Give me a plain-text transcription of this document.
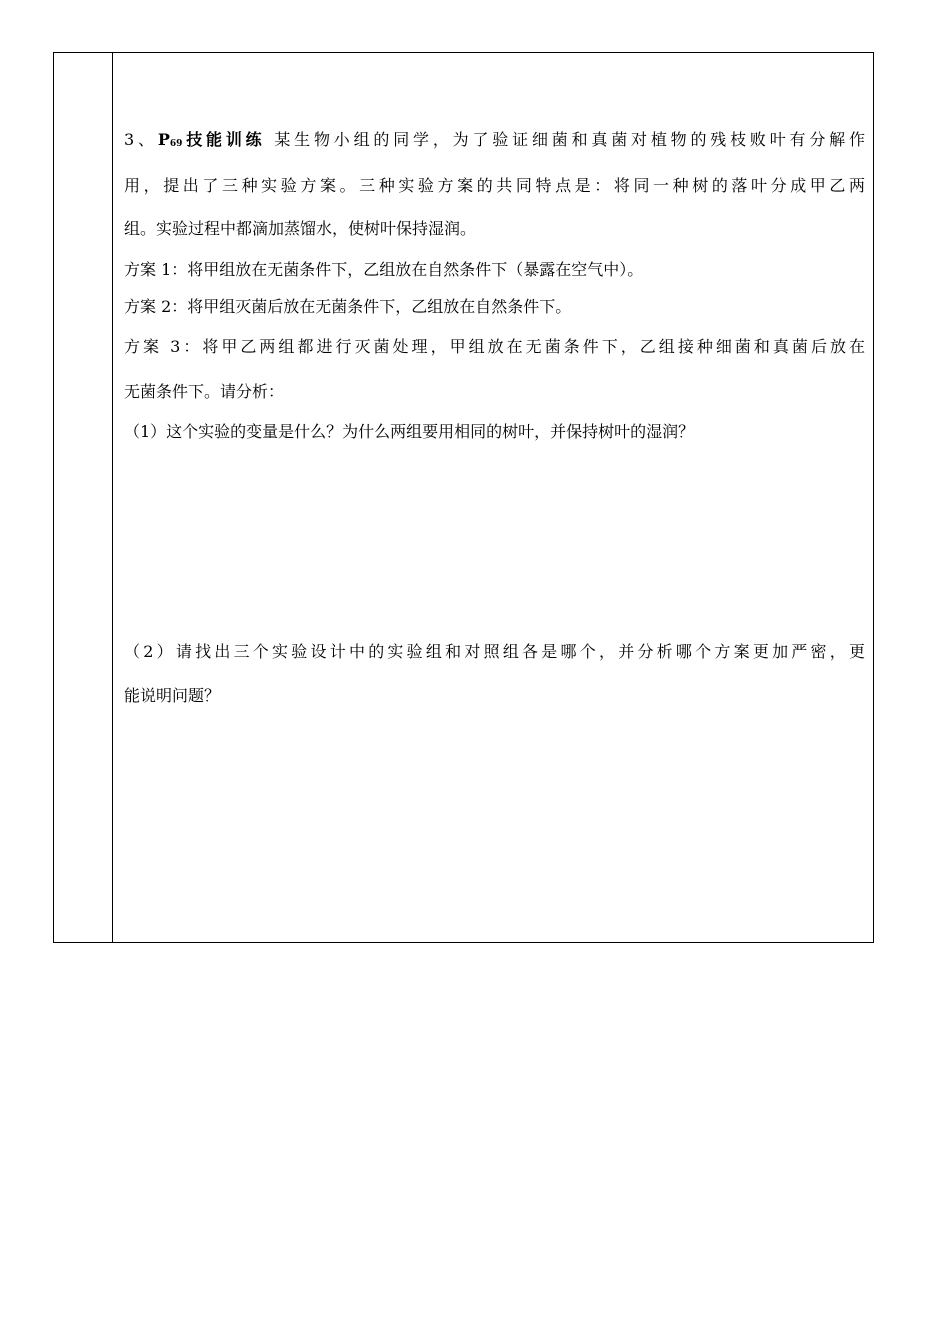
3、P69技能训练 某生物小组的同学，为了验证细菌和真菌对植物的残枝败叶有分解作
用，提出了三种实验方案。三种实验方案的共同特点是：将同一种树的落叶分成甲乙两
组。实验过程中都滴加蒸馏水，使树叶保持湿润。
方案 1：将甲组放在无菌条件下，乙组放在自然条件下（暴露在空气中）。
方案 2：将甲组灭菌后放在无菌条件下，乙组放在自然条件下。
方案 3：将甲乙两组都进行灭菌处理，甲组放在无菌条件下，乙组接种细菌和真菌后放在
无菌条件下。请分析：
（1）这个实验的变量是什么？为什么两组要用相同的树叶，并保持树叶的湿润？
（2）请找出三个实验设计中的实验组和对照组各是哪个，并分析哪个方案更加严密，更
能说明问题？
